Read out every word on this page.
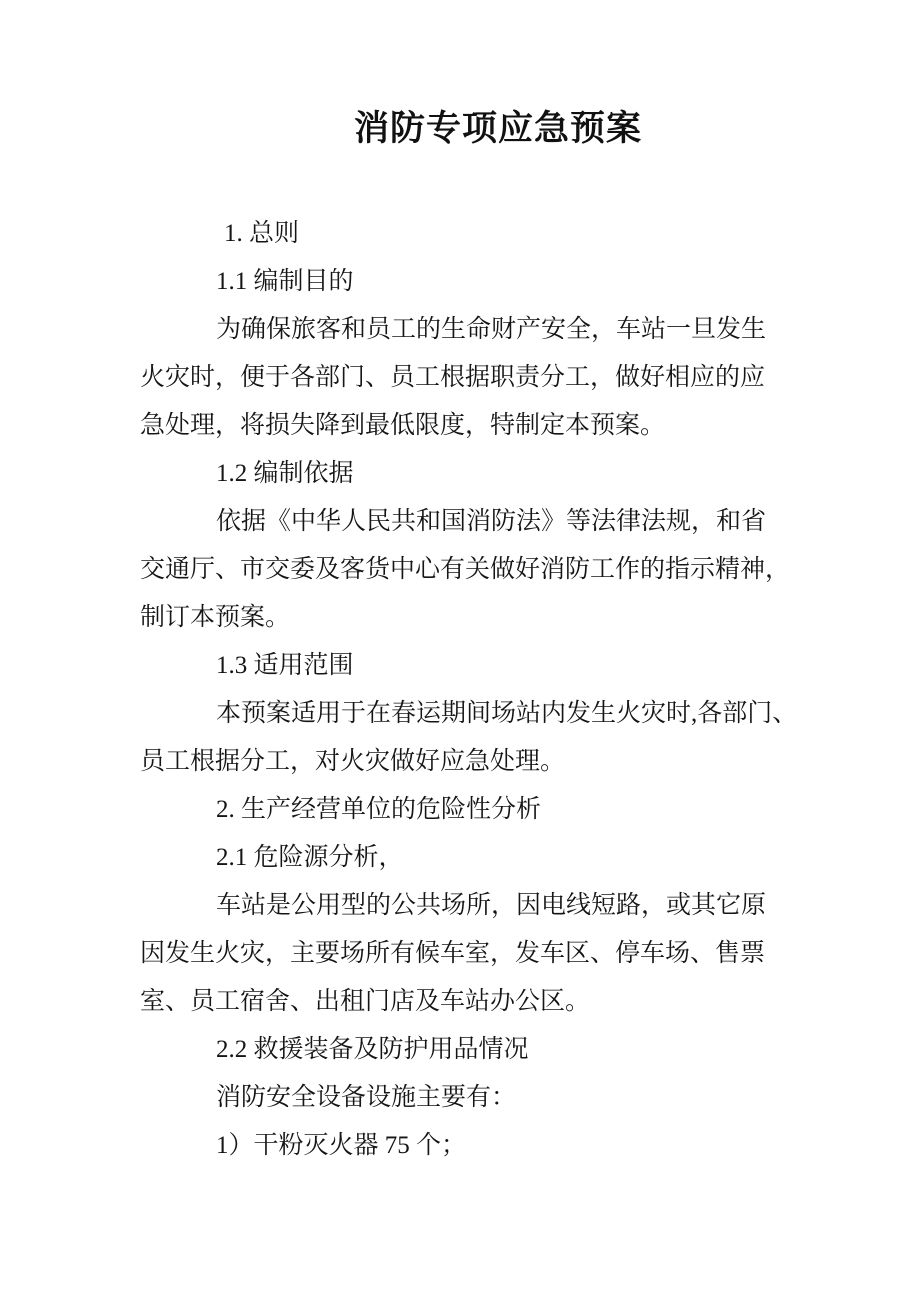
消防专项应急预案

1. 总则

1.1 编制目的

为确保旅客和员工的生命财产安全，车站一旦发生

火灾时，便于各部门、员工根据职责分工，做好相应的应

急处理，将损失降到最低限度，特制定本预案。

1.2 编制依据

依据《中华人民共和国消防法》等法律法规，和省

交通厅、市交委及客货中心有关做好消防工作的指示精神，

制订本预案。

1.3 适用范围

本预案适用于在春运期间场站内发生火灾时,各部门、

员工根据分工，对火灾做好应急处理。

2. 生产经营单位的危险性分析

2.1 危险源分析，

车站是公用型的公共场所，因电线短路，或其它原

因发生火灾，主要场所有候车室，发车区、停车场、售票

室、员工宿舍、出租门店及车站办公区。

2.2 救援装备及防护用品情况

消防安全设备设施主要有：

1）干粉灭火器 75 个；
